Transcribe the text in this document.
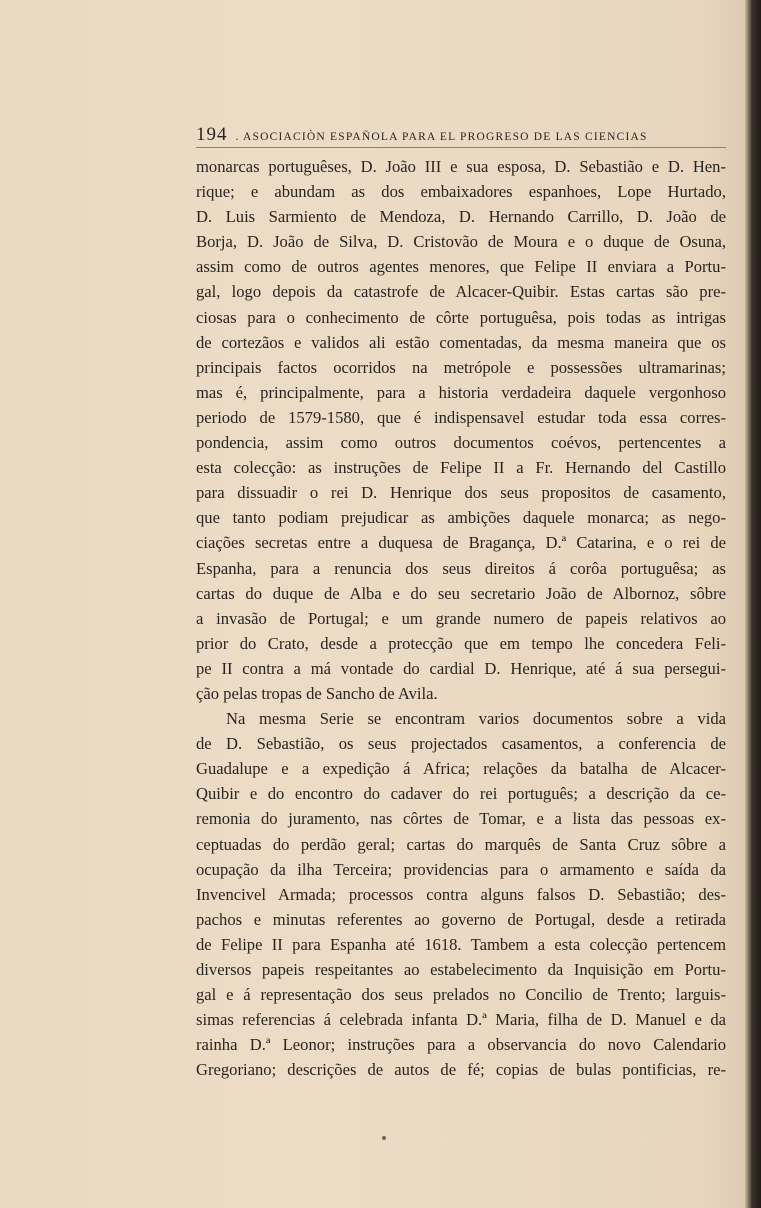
194 . ASOCIACIÒN ESPAÑOLA PARA EL PROGRESO DE LAS CIENCIAS
monarcas portuguêses, D. João III e sua esposa, D. Sebastião e D. Hen-
rique; e abundam as dos embaixadores espanhoes, Lope Hurtado,
D. Luis Sarmiento de Mendoza, D. Hernando Carrillo, D. João de
Borja, D. João de Silva, D. Cristovão de Moura e o duque de Osuna,
assim como de outros agentes menores, que Felipe II enviara a Portu-
gal, logo depois da catastrofe de Alcacer-Quibir. Estas cartas são pre-
ciosas para o conhecimento de côrte portuguêsa, pois todas as intrigas
de cortezãos e validos ali estão comentadas, da mesma maneira que os
principais factos ocorridos na metrópole e possessões ultramarinas;
mas é, principalmente, para a historia verdadeira daquele vergonhoso
periodo de 1579-1580, que é indispensavel estudar toda essa corres-
pondencia, assim como outros documentos coévos, pertencentes a
esta colecção: as instruções de Felipe II a Fr. Hernando del Castillo
para dissuadir o rei D. Henrique dos seus propositos de casamento,
que tanto podiam prejudicar as ambições daquele monarca; as nego-
ciações secretas entre a duquesa de Bragança, D.ª Catarina, e o rei de
Espanha, para a renuncia dos seus direitos á corôa portuguêsa; as
cartas do duque de Alba e do seu secretario João de Albornoz, sôbre
a invasão de Portugal; e um grande numero de papeis relativos ao
prior do Crato, desde a protecção que em tempo lhe concedera Feli-
pe II contra a má vontade do cardial D. Henrique, até á sua persegui-
ção pelas tropas de Sancho de Avila.
Na mesma Serie se encontram varios documentos sobre a vida
de D. Sebastião, os seus projectados casamentos, a conferencia de
Guadalupe e a expedição á Africa; relações da batalha de Alcacer-
Quibir e do encontro do cadaver do rei português; a descrição da ce-
remonia do juramento, nas côrtes de Tomar, e a lista das pessoas ex-
ceptuadas do perdão geral; cartas do marquês de Santa Cruz sôbre a
ocupação da ilha Terceira; providencias para o armamento e saída da
Invencivel Armada; processos contra alguns falsos D. Sebastião; des-
pachos e minutas referentes ao governo de Portugal, desde a retirada
de Felipe II para Espanha até 1618. Tambem a esta colecção pertencem
diversos papeis respeitantes ao estabelecimento da Inquisição em Portu-
gal e á representação dos seus prelados no Concilio de Trento; larguis-
simas referencias á celebrada infanta D.ª Maria, filha de D. Manuel e da
rainha D.ª Leonor; instruções para a observancia do novo Calendario
Gregoriano; descrições de autos de fé; copias de bulas pontificias, re-
